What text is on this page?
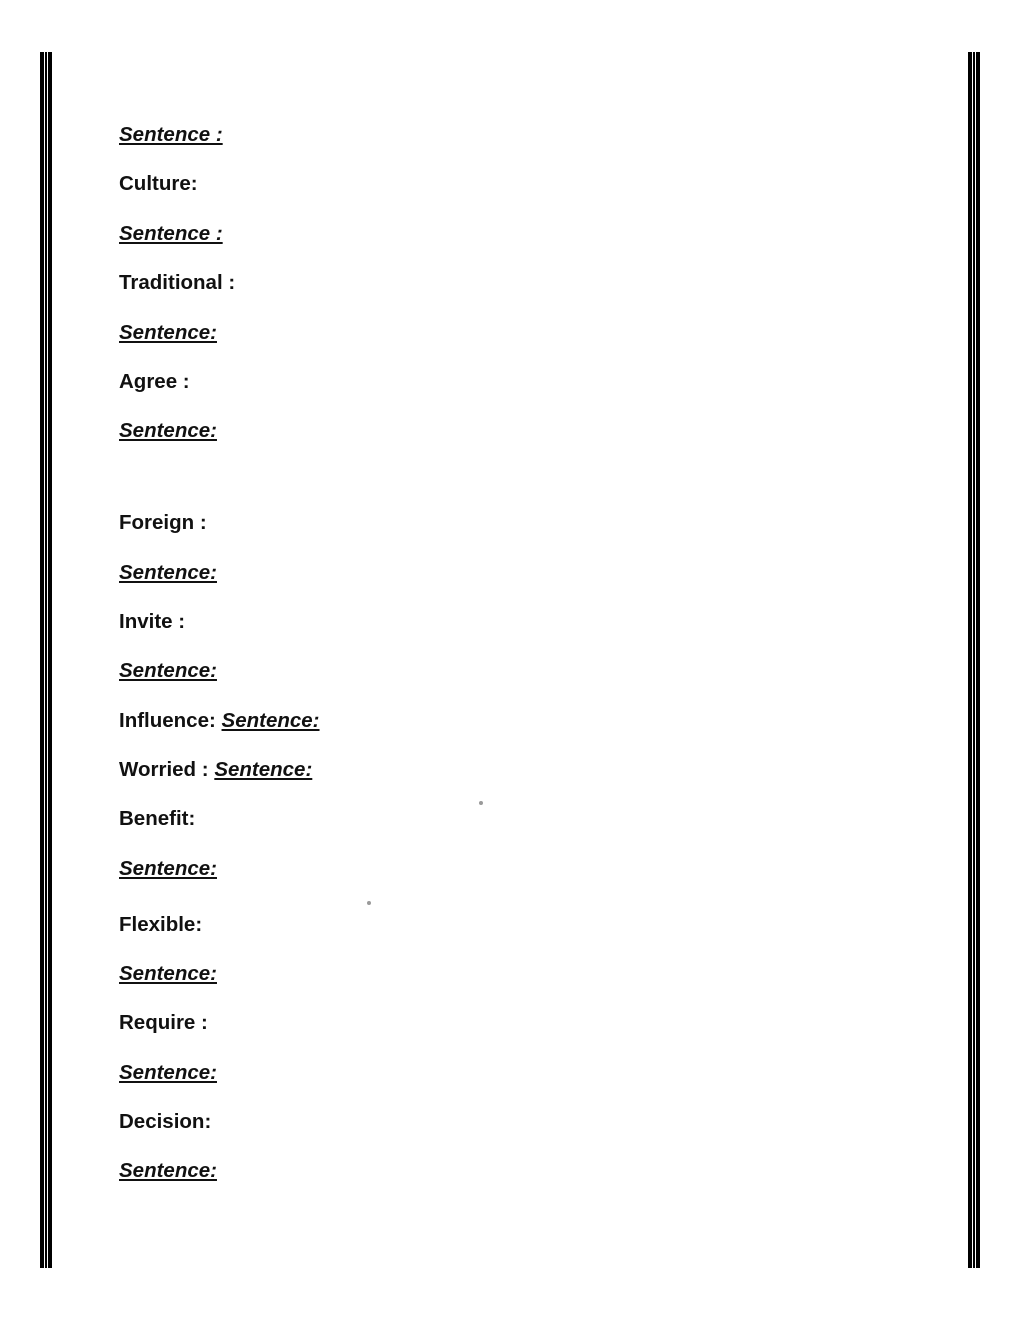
Sentence :
Culture:
Sentence :
Traditional :
Sentence:
Agree :
Sentence:
Foreign :
Sentence:
Invite :
Sentence:
Influence: Sentence:
Worried : Sentence:
Benefit:
Sentence:
Flexible:
Sentence:
Require :
Sentence:
Decision:
Sentence:
